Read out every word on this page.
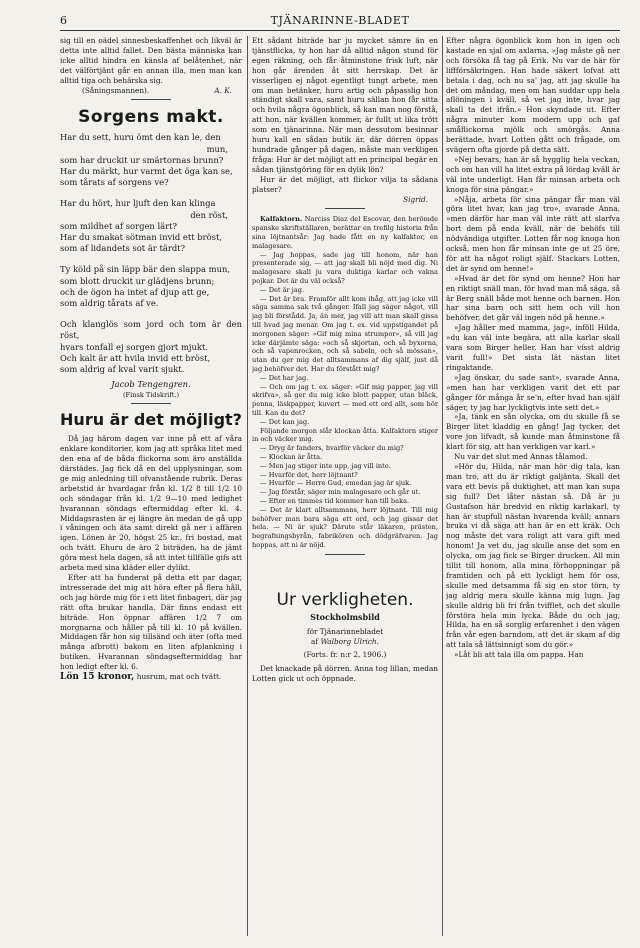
6	TJÄNARINNE-BLADET

sig till en oädel sinnesbeskaffenhet och likväl är detta inte alltid fallet. Den bästa människa kan icke alltid hindra en känsla af belåtenhet, när det välförtjänt går en annan illa, men man kan alltid tiga och behärska sig.

(Såningsmannen).	A. K.
Sorgens makt.

Har du sett, huru ömt den kan le, den

mun,

som har druckit ur smärtornas brunn?

Har du märkt, hur varmt det öga kan se,

som tårats af sorgens ve?

Har du hört, hur ljuft den kan klinga

den röst,

som mildhet af sorgen lärt?

Har du smakat sötman invid ett bröst,

som af lidandets sot är tärdt?

Ty köld på sin läpp bär den slappa mun,

som blott druckit ur glädjens brunn;

och de ögon ha intet af djup att ge,

som aldrig tårats af ve.

Och klanglös som jord och tom är den röst,

hvars tonfall ej sorgen gjort mjukt.

Och kalt är att hvila invid ett bröst,

som aldrig af kval varit sjukt.

Jacob Tengengren.

(Finsk Tidskrift.)

Huru är det möjligt?

Då jag härom dagen var inne på ett af våra enklare konditorier, kom jag att språka litet med den ena af de båda flickorna som äro anställda därstädes. Jag fick då en del upplysningar, som ge mig anledning till ofvanstående rubrik. Deras arbetstid är hvardagar från kl. 1/2 8 till 1/2 10 och söndagar från kl. 1/2 9—10 med ledighet hvarannan söndags eftermiddag efter kl. 4. Middagsrasten är ej längre än medan de gå upp i våningen och äta samt direkt gå ner i affären igen. Lönen är 20, högst 25 kr., fri bostad, mat och tvätt. Ehuru de äro 2 biträden, ha de jämt göra mest hela dagen, så att intet tillfälle gifs att arbeta med sina kläder eller dylikt.

Efter att ha funderat på detta ett par dagar, intresserade det mig att höra efter på flera håll, och jag hörde mig för i ett litet finbageri, där jag rätt ofta brukar handla. Där finns endast ett biträde. Hon öppnar affären 1/2 7 om morgnarna och håller på till kl. 10 på kvällen. Middagen får hon sig tillsänd och äter (ofta med många afbrott) bakom en liten afplankning i butiken. Hvarannan söndagseftermiddag har hon ledigt efter kl. 6.

Lön 15 kronor, husrum, mat och tvätt.

Ett sådant biträde har ju mycket sämre än en tjänstflicka, ty hon har då alltid någon stund för egen räkning, och får åtminstone frisk luft, när hon går ärenden åt sitt herrskap. Det är visserligen ej något egentligt tungt arbete, men om man betänker, huru artig och påpasslig hon ständigt skall vara, samt huru sällan hon får sitta och hvila några ögonblick, så kan man nog förstå, att hon, när kvällen kommer, är fullt ut lika trött som en tjänarinna. När man dessutom besinnar huru kall en sådan butik är, där dörren öppas hundrade gånger på dagen, måste man verkligen fråga: Hur är det möjligt att en principal begär en sådan tjänstgöring för en dylik lön?

Hur är det möjligt, att flickor vilja ta sådana platser?

Sigrid.

Kalfaktorn. Narciss Diaz del Escovar, den berömde spanske skriftställaren, berättar en trefilg historia från sina löjtnantsår: Jag hade fått en ny kalfaktor, en malagesare.

— Jag hoppas, sade jag till honom, när han presenterade sig, — att jag skall bli nöjd med dig. Ni malagesare skall ju vara duktiga karlar och vakna pojkar. Det är du väl också?

— Det är jag.

— Det är bra. Framför allt kom ihåg, att jag icke vill säga samma sak två gånger. Ifall jag säger något, vill jag bli förstådd. Ja, än mer, jag vill att man skall gissa till hvad jag menar. Om jag t. ex. vid uppstigandet på morgonen säger: »Gif mig mina strumpor», så vill jag icke därjämte säga: »och så skjortan, och så byxorna, och så vapenrocken, och så sabeln, och så mössan», utan du ger mig det alltsammans af dig själf, just då jag behöfver det. Har du förstått mig?

— Det har jag.

— Och om jag t. ex. säger: »Gif mig papper, jag vill skrifva», så ger du mig icke blott papper, utan bläck, penna, läskpapper, kuvert — med ett ord allt, som hör till. Kan du det?

— Det kan jag.

Följande morgon slår klockan åtta. Kalfaktorn stiger in och väcker mig.

— Dryg är fanders, hvarför väcker du mig?

— Klockan är åtta.

— Men jag stiger inte upp, jag vill inte.

— Hvarför det, herr löjtnant?

— Hvarför — Herre Gud, emedan jag är sjuk.

— Jag förstår, säger min malagesare och går ut.

— Efter en timmes tid kommer han till baka.

— Det är klart alltsammans, herr löjtnant. Till mig behöfver man bara säga ett ord, och jag gissar det hela. — Ni är sjuk? Därute står läkaren, prästen, begrafningsbyrån, fabrikören och dödgräfvaren. Jag hoppas, att ni är nöjd.

Ur verkligheten.

Stockholmsbild

för Tjänarinnebladet

af Walborg Ulrich.

(Forts. fr. n:r 2, 1906.)

Det knackade på dörren. Anna tog lillan, medan Lotten gick ut och öppnade.

Efter några ögonblick kom hon in igen och kastade en sjal om axlarna. »Jag måste gå ner och försöka få tag på Erik. Nu var de här för liffförsäkringen. Han hade säkert lofvat att betala i dag, och nu sa' jag, att jag skulle ha det om måndag, men om han suddar upp hela aflöningen i kväll, så vet jag inte, hvar jag skall ta det ifrån.» Hon skyndade ut. Efter några minuter kom modern upp och gaf småflickorna mjölk och smörgås. Anna berättade, hvart Lotten gått och frågade, om svägern ofta gjorde på detta sätt.

»Nej bevars, han är så hygglig hela veckan, och om han vill ha litet extra på lördag kväll är väl inte underligt. Han får minsan arbeta och knoga för sina pängar.»

»Nåja, arbeta för sina pängar får man väl göra litet hvar, kan jag tro», svarade Anna, »men därför har man väl inte rätt att slarfva bort dem på enda kväll, när de behöfs till nödvändiga utgifter. Lotten får nog knoga hon också, men hon får minsan inte ge ut 25 öre, för att ha något roligt själf. Stackars Lotten, det är synd om henne!»

»Hvad är det för synd om henne? Hon har en riktigt snäll man, för hvad man må säga, så är Berg snäll både mot henne och barnen. Hon har sina barn och sitt hem och vill hon behöfver, det går väl ingen nöd på henne.»

»Jag håller med mamma, jag», inföll Hilda, »du kan väl inte begära, att alla karlar skall vara som Birger heller. Han har visst aldrig varit full!» Det sista lät nästan litet ringaktande.

»Jag önskar, du sade sant», svarade Anna, »men han har verkligen varit det ett par gånger för många år se'n, efter hvad han själf säger, ty jag har lyckligtvis inte sett det.»

»Ja, tänk en sån olycka, om du skulle få se Birger litet kladdig en gång! Jag tycker, det vore jon lifvadt, så kunde man åtminstone få klart för sig, att han verkligen var karl.»

Nu var det slut med Annas tålamod.

»Hör du, Hilda, när man hör dig tala, kan man tro, att du är riktigt galjänta. Skall det vara ett bevis på duktighet, att man kan supa sig full? Det låter nästan så. Då är ju Gustafson här bredvid en riktig karlakarl, ty han är stupfull nästan hvarenda kväll; annars bruka vi då säga att han är en ett kräk. Och nog måste det vara roligt att vara gift med honom! Ja vet du, jag skulle anse det som en olycka, om jag fick se Birger drucken. All min tillit till honom, alla mina förhoppningar på framtiden och på ett lyckligt hem för oss, skulle med detsamma få sig en stor törn, ty jag aldrig mera skulle känna mig lugn. Jag skulle aldrig bli fri från tvifflet, och det skulle förstöra hela min lycka. Både du och jag, Hilda, ha en så sorglig erfarenhet i den vägen från vår egen barndom, att det är skam af dig att tala så lättsinnigt som du gör.»

»Låt bli att tala illa om pappa. Han
